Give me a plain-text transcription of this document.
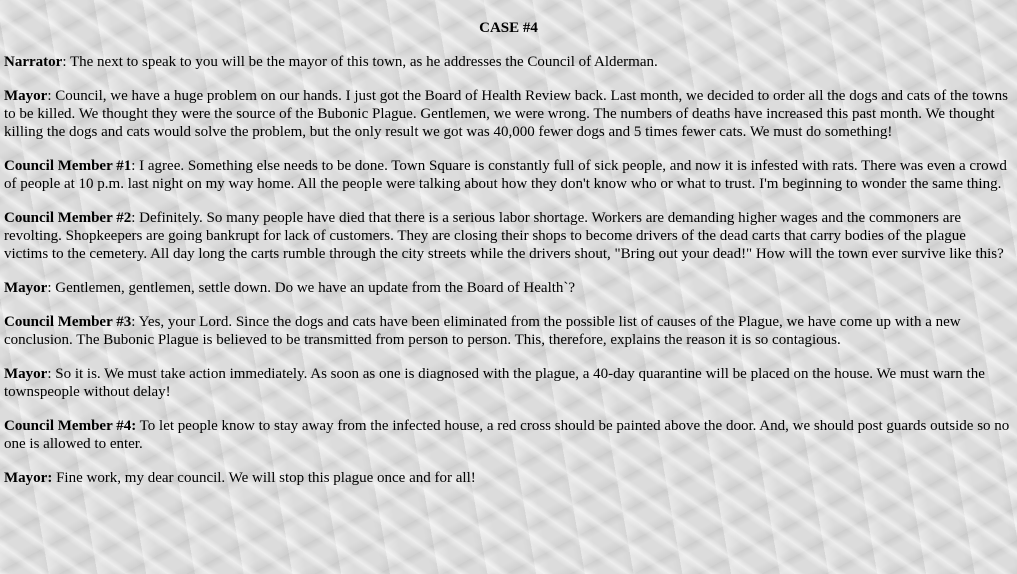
CASE #4

Narrator: The next to speak to you will be the mayor of this town, as he addresses the Council of Alderman.

Mayor: Council, we have a huge problem on our hands. I just got the Board of Health Review back. Last month, we decided to order all the dogs and cats of the towns to be killed. We thought they were the source of the Bubonic Plague. Gentlemen, we were wrong. The numbers of deaths have increased this past month. We thought killing the dogs and cats would solve the problem, but the only result we got was 40,000 fewer dogs and 5 times fewer cats. We must do something!

Council Member #1: I agree. Something else needs to be done. Town Square is constantly full of sick people, and now it is infested with rats. There was even a crowd of people at 10 p.m. last night on my way home. All the people were talking about how they don't know who or what to trust. I'm beginning to wonder the same thing.

Council Member #2: Definitely. So many people have died that there is a serious labor shortage. Workers are demanding higher wages and the commoners are revolting. Shopkeepers are going bankrupt for lack of customers. They are closing their shops to become drivers of the dead carts that carry bodies of the plague victims to the cemetery. All day long the carts rumble through the city streets while the drivers shout, "Bring out your dead!" How will the town ever survive like this?

Mayor: Gentlemen, gentlemen, settle down. Do we have an update from the Board of Health`?

Council Member #3: Yes, your Lord. Since the dogs and cats have been eliminated from the possible list of causes of the Plague, we have come up with a new conclusion. The Bubonic Plague is believed to be transmitted from person to person. This, therefore, explains the reason it is so contagious.

Mayor: So it is. We must take action immediately. As soon as one is diagnosed with the plague, a 40-day quarantine will be placed on the house. We must warn the townspeople without delay!

Council Member #4: To let people know to stay away from the infected house, a red cross should be painted above the door. And, we should post guards outside so no one is allowed to enter.

Mayor: Fine work, my dear council. We will stop this plague once and for all!
